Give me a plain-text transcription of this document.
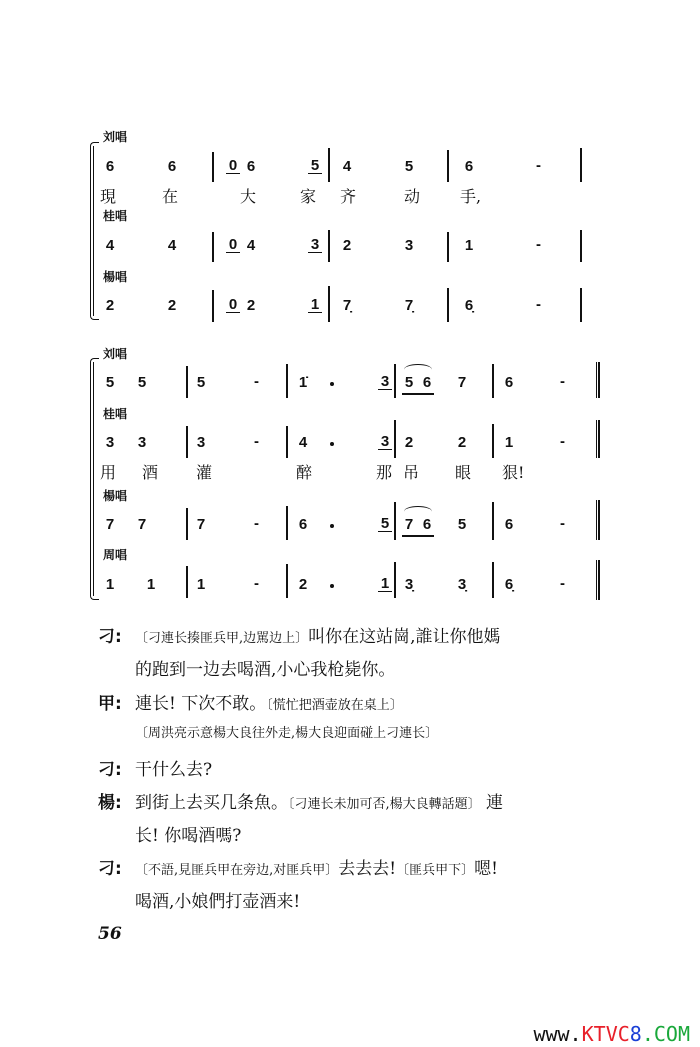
刘唱
6	6	0 6	5 4	5	6	-
現	在	大	家 齐	动 手,
桂唱
4	4	0 4	3 2	3	1	-
楊唱
2	2	0 2	1 7̣	7̣	6̣	-
刘唱
5 5	5	-	1̇	3 5 6 7	6	-
桂唱
3 3	3	-	4	3 2	2	1	-
用 酒 灌	醉	那 吊 眼 狠!
楊唱
7 7	7	-	6	5 7 6 5	6	-
周唱
1 1	1	-	2	1 3̣	3̣	6̣	-
刁: 〔刁連长揍匪兵甲,边駡边上〕叫你在这站崗,誰让你他媽
的跑到一边去喝酒,小心我枪毙你。
甲: 連长! 下次不敢。〔慌忙把酒壶放在桌上〕
〔周洪亮示意楊大良往外走,楊大良迎面碰上刁連长〕
刁: 干什么去?
楊: 到街上去买几条魚。〔刁連长未加可否,楊大良轉話題〕 連
长! 你喝酒嗎?
刁: 〔不語,見匪兵甲在旁边,对匪兵甲〕去去去!〔匪兵甲下〕嗯!
喝酒,小娘們打壶酒来!
56
www.KTVC8.COM
